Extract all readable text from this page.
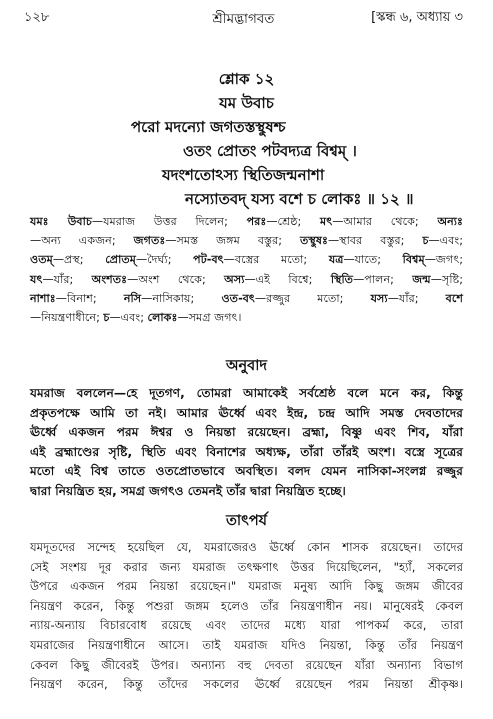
১২৮	শ্রীমদ্ভাগবত	[স্কন্ধ ৬, অধ্যায় ৩
শ্লোক ১২
যম উবাচ
পরো মদন্যো জগতস্তস্থুষশ্চ
ওতং প্রোতং পটবদ্যত্র বিশ্বম্ ।
যদংশতোঽস্য স্থিতিজন্মনাশা
নস্যোতবদ্ যস্য বশে চ লোকঃ ॥ ১২ ॥
যমঃ উবাচ—যমরাজ উত্তর দিলেন; পরঃ—শ্রেষ্ঠ; মৎ—আমার থেকে; অন্যঃ
—অন্য একজন; জগতঃ—সমস্ত জঙ্গম বস্তুর; তস্থুষঃ—স্থাবর বস্তুর; চ—এবং;
ওতম্—প্রস্থ; প্রোতম্—দৈর্ঘ্য; পট-বৎ—বস্ত্রের মতো; যত্র—যাতে; বিশ্বম্—জগৎ;
যৎ—যাঁর; অংশতঃ—অংশ থেকে; অস্য—এই বিশ্বে; স্থিতি—পালন; জন্ম—সৃষ্টি;
নাশাঃ—বিনাশ; নসি—নাসিকায়; ওত-বৎ—রজ্জুর মতো; যস্য—যাঁর; বশে
—নিয়ন্ত্রণাধীনে; চ—এবং; লোকঃ—সমগ্র জগৎ।
অনুবাদ
যমরাজ বললেন—হে দূতগণ, তোমরা আমাকেই সর্বশ্রেষ্ঠ বলে মনে কর, কিন্তু
প্রকৃতপক্ষে আমি তা নই। আমার ঊর্ধ্বে এবং ইন্দ্র, চন্দ্র আদি সমস্ত দেবতাদের
ঊর্ধ্বে একজন পরম ঈশ্বর ও নিয়ন্তা রয়েছেন। ব্রহ্মা, বিষ্ণু এবং শিব, যাঁরা
এই ব্রহ্মাণ্ডের সৃষ্টি, স্থিতি এবং বিনাশের অধ্যক্ষ, তাঁরা তাঁরই অংশ। বস্ত্রে সূত্রের
মতো এই বিশ্ব তাতে ওতপ্রোতভাবে অবস্থিত। বলদ যেমন নাসিকা-সংলগ্ন রজ্জুর
দ্বারা নিয়ন্ত্রিত হয়, সমগ্র জগৎও তেমনই তাঁর দ্বারা নিয়ন্ত্রিত হচ্ছে।
তাৎপর্য
যমদূতদের সন্দেহ হয়েছিল যে, যমরাজেরও ঊর্ধ্বে কোন শাসক রয়েছেন। তাদের
সেই সংশয় দূর করার জন্য যমরাজ তৎক্ষণাৎ উত্তর দিয়েছিলেন, "হ্যাঁ, সকলের
উপরে একজন পরম নিয়ন্তা রয়েছেন।" যমরাজ মনুষ্য আদি কিছু জঙ্গম জীবের
নিয়ন্ত্রণ করেন, কিন্তু পশুরা জঙ্গম হলেও তাঁর নিয়ন্ত্রণাধীন নয়। মানুষেরই কেবল
ন্যায়-অন্যায় বিচারবোধ রয়েছে এবং তাদের মধ্যে যারা পাপকর্ম করে, তারা
যমরাজের নিয়ন্ত্রণাধীনে আসে। তাই যমরাজ যদিও নিয়ন্তা, কিন্তু তাঁর নিয়ন্ত্রণ
কেবল কিছু জীবেরই উপর। অন্যান্য বহু দেবতা রয়েছেন যাঁরা অন্যান্য বিভাগ
নিয়ন্ত্রণ করেন, কিন্তু তাঁদের সকলের ঊর্ধ্বে রয়েছেন পরম নিয়ন্তা শ্রীকৃষ্ণ।
